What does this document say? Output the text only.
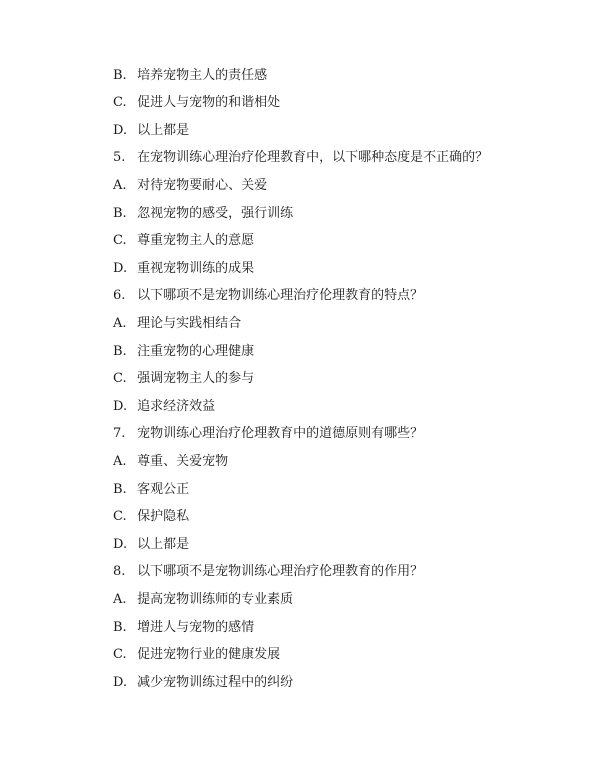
B. 培养宠物主人的责任感
C. 促进人与宠物的和谐相处
D. 以上都是
5. 在宠物训练心理治疗伦理教育中，以下哪种态度是不正确的？
A. 对待宠物要耐心、关爱
B. 忽视宠物的感受，强行训练
C. 尊重宠物主人的意愿
D. 重视宠物训练的成果
6. 以下哪项不是宠物训练心理治疗伦理教育的特点？
A. 理论与实践相结合
B. 注重宠物的心理健康
C. 强调宠物主人的参与
D. 追求经济效益
7. 宠物训练心理治疗伦理教育中的道德原则有哪些？
A. 尊重、关爱宠物
B. 客观公正
C. 保护隐私
D. 以上都是
8. 以下哪项不是宠物训练心理治疗伦理教育的作用？
A. 提高宠物训练师的专业素质
B. 增进人与宠物的感情
C. 促进宠物行业的健康发展
D. 减少宠物训练过程中的纠纷
